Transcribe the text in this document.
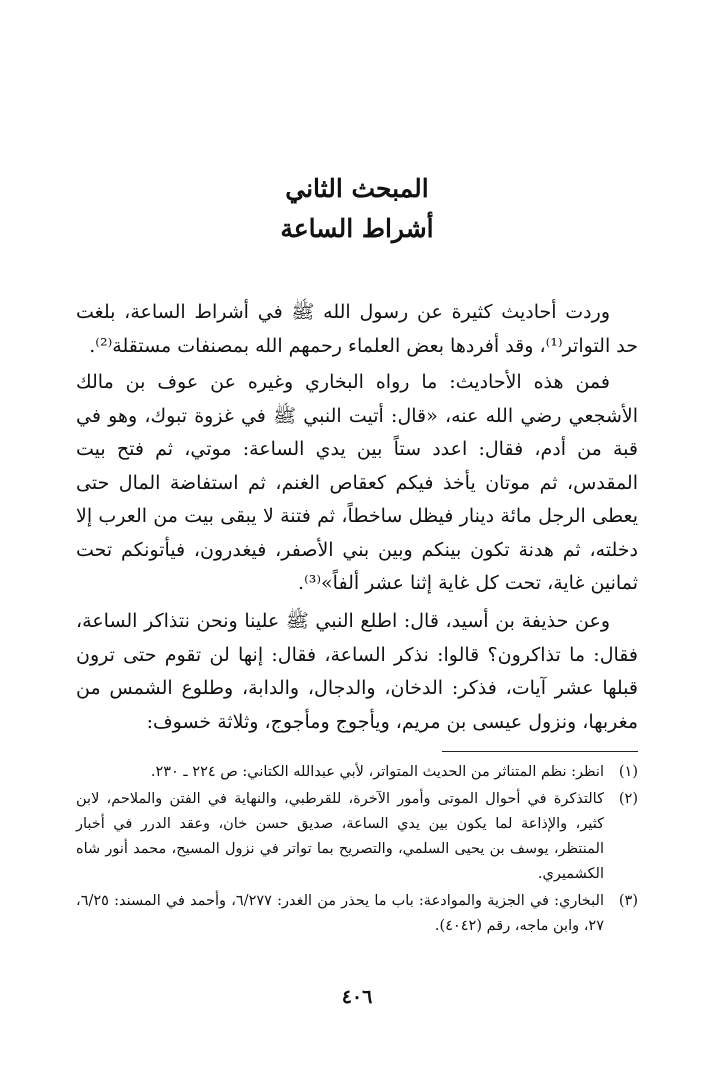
المبحث الثاني
أشراط الساعة

وردت أحاديث كثيرة عن رسول الله ﷺ في أشراط الساعة، بلغت حد التواتر⁽¹⁾، وقد أفردها بعض العلماء رحمهم الله بمصنفات مستقلة⁽²⁾.

فمن هذه الأحاديث: ما رواه البخاري وغيره عن عوف بن مالك الأشجعي رضي الله عنه، «قال: أتيت النبي ﷺ في غزوة تبوك، وهو في قبة من أدم، فقال: اعدد ستاً بين يدي الساعة: موتي، ثم فتح بيت المقدس، ثم موتان يأخذ فيكم كعقاص الغنم، ثم استفاضة المال حتى يعطى الرجل مائة دينار فيظل ساخطاً، ثم فتنة لا يبقى بيت من العرب إلا دخلته، ثم هدنة تكون بينكم وبين بني الأصفر، فيغدرون، فيأتونكم تحت ثمانين غاية، تحت كل غاية إثنا عشر ألفاً»⁽³⁾.

وعن حذيفة بن أسيد، قال: اطلع النبي ﷺ علينا ونحن نتذاكر الساعة، فقال: ما تذاكرون؟ قالوا: نذكر الساعة، فقال: إنها لن تقوم حتى ترون قبلها عشر آيات، فذكر: الدخان، والدجال، والدابة، وطلوع الشمس من مغربها، ونزول عيسى بن مريم، ويأجوج ومأجوج، وثلاثة خسوف:

(١)
انظر: نظم المتناثر من الحديث المتواتر، لأبي عبدالله الكتاني: ص ٢٢٤ ـ ٢٣٠.
(٢)
كالتذكرة في أحوال الموتى وأمور الآخرة، للقرطبي، والنهاية في الفتن والملاحم، لابن كثير، والإذاعة لما يكون بين يدي الساعة، صديق حسن خان، وعقد الدرر في أخبار المنتظر، يوسف بن يحيى السلمي، والتصريح بما تواتر في نزول المسيح، محمد أنور شاه الكشميري.
(٣)
البخاري: في الجزية والموادعة: باب ما يحذر من الغدر: ٦/٢٧٧، وأحمد في المسند: ٦/٢٥، ٢٧، وابن ماجه، رقم (٤٠٤٢).
٤٠٦
